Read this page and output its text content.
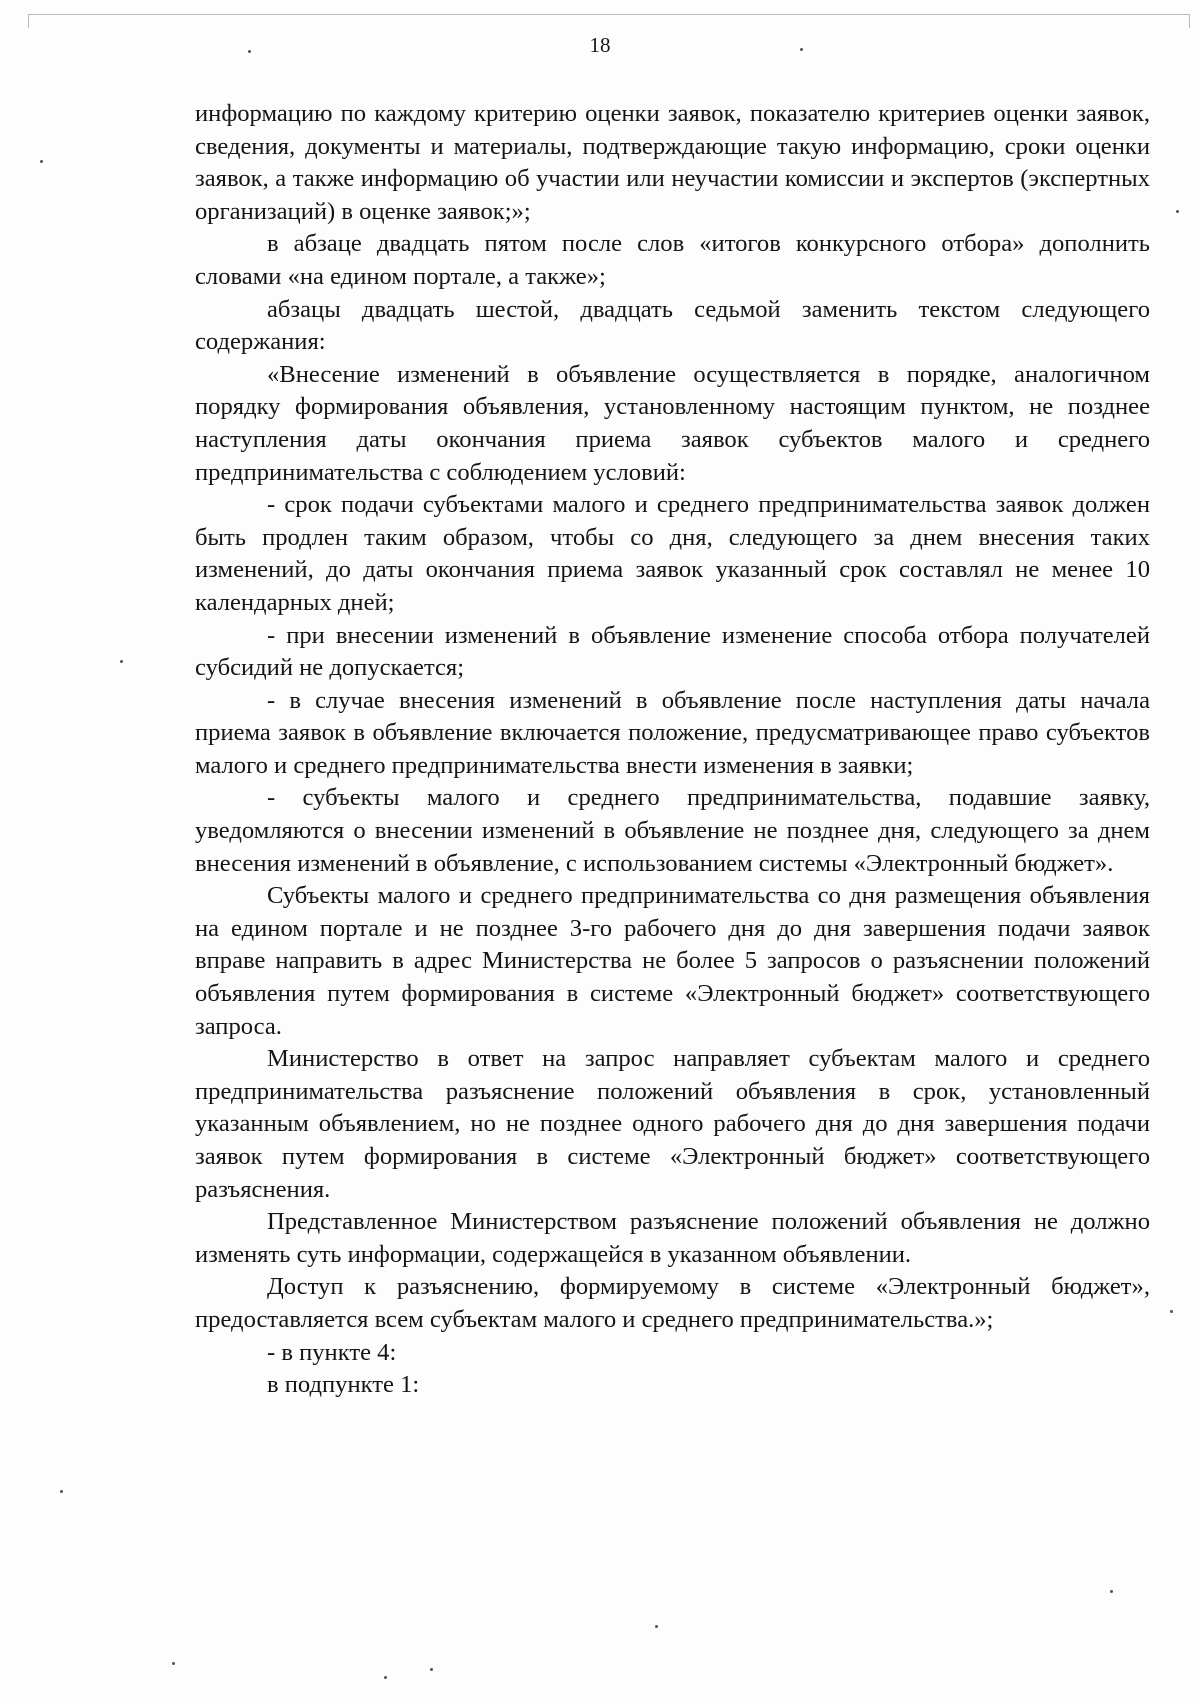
18

информацию по каждому критерию оценки заявок, показателю критериев оценки заявок, сведения, документы и материалы, подтверждающие такую информацию, сроки оценки заявок, а также информацию об участии или неучастии комиссии и экспертов (экспертных организаций) в оценке заявок;»;

в абзаце двадцать пятом после слов «итогов конкурсного отбора» дополнить словами «на едином портале, а также»;

абзацы двадцать шестой, двадцать седьмой заменить текстом следующего содержания:

«Внесение изменений в объявление осуществляется в порядке, аналогичном порядку формирования объявления, установленному настоящим пунктом, не позднее наступления даты окончания приема заявок субъектов малого и среднего предпринимательства с соблюдением условий:

- срок подачи субъектами малого и среднего предпринимательства заявок должен быть продлен таким образом, чтобы со дня, следующего за днем внесения таких изменений, до даты окончания приема заявок указанный срок составлял не менее 10 календарных дней;

- при внесении изменений в объявление изменение способа отбора получателей субсидий не допускается;

- в случае внесения изменений в объявление после наступления даты начала приема заявок в объявление включается положение, предусматривающее право субъектов малого и среднего предпринимательства внести изменения в заявки;

- субъекты малого и среднего предпринимательства, подавшие заявку, уведомляются о внесении изменений в объявление не позднее дня, следующего за днем внесения изменений в объявление, с использованием системы «Электронный бюджет».

Субъекты малого и среднего предпринимательства со дня размещения объявления на едином портале и не позднее 3-го рабочего дня до дня завершения подачи заявок вправе направить в адрес Министерства не более 5 запросов о разъяснении положений объявления путем формирования в системе «Электронный бюджет» соответствующего запроса.

Министерство в ответ на запрос направляет субъектам малого и среднего предпринимательства разъяснение положений объявления в срок, установленный указанным объявлением, но не позднее одного рабочего дня до дня завершения подачи заявок путем формирования в системе «Электронный бюджет» соответствующего разъяснения.

Представленное Министерством разъяснение положений объявления не должно изменять суть информации, содержащейся в указанном объявлении.

Доступ к разъяснению, формируемому в системе «Электронный бюджет», предоставляется всем субъектам малого и среднего предпринимательства.»;

- в пункте 4:

в подпункте 1:
